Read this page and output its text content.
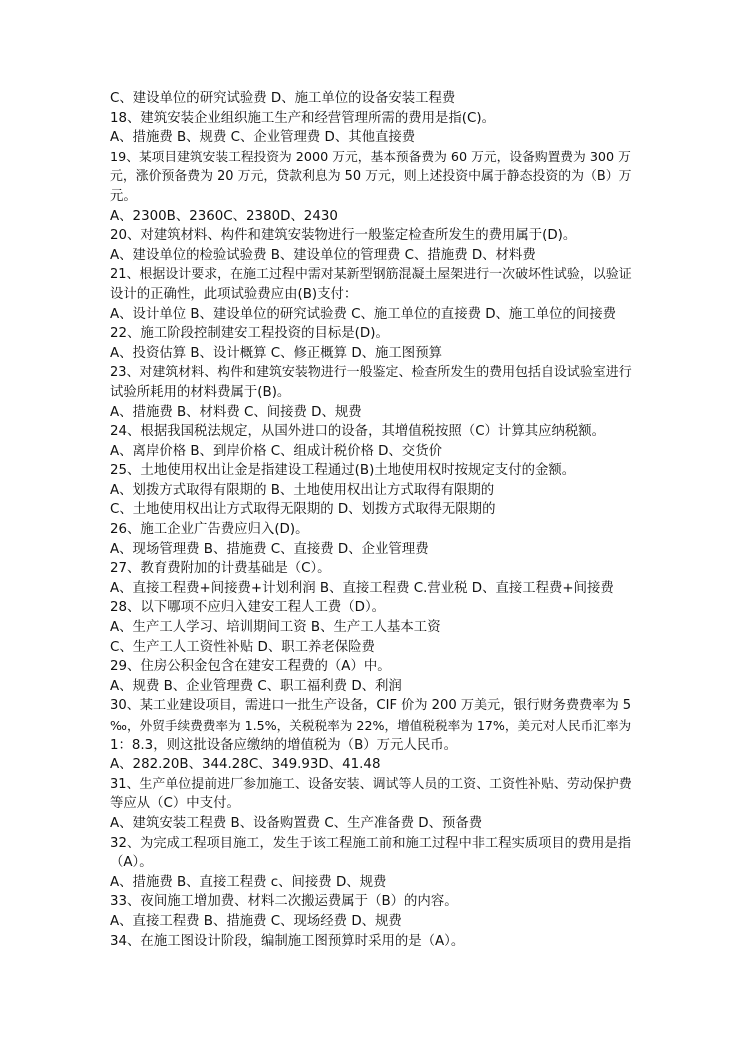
C、建设单位的研究试验费 D、施工单位的设备安装工程费
18、建筑安装企业组织施工生产和经营管理所需的费用是指(C)。
A、措施费 B、规费 C、企业管理费 D、其他直接费
19、某项目建筑安装工程投资为 2000 万元，基本预备费为 60 万元，设备购置费为 300 万
元，涨价预备费为 20 万元，贷款利息为 50 万元，则上述投资中属于静态投资的为（B）万
元。
A、2300B、2360C、2380D、2430
20、对建筑材料、构件和建筑安装物进行一般鉴定检查所发生的费用属于(D)。
A、建设单位的检验试验费 B、建设单位的管理费 C、措施费 D、材料费
21、根据设计要求，在施工过程中需对某新型钢筋混凝土屋架进行一次破坏性试验，以验证
设计的正确性，此项试验费应由(B)支付：
A、设计单位 B、建设单位的研究试验费 C、施工单位的直接费 D、施工单位的间接费
22、施工阶段控制建安工程投资的目标是(D)。
A、投资估算 B、设计概算 C、修正概算 D、施工图预算
23、对建筑材料、构件和建筑安装物进行一般鉴定、检查所发生的费用包括自设试验室进行
试验所耗用的材料费属于(B)。
A、措施费 B、材料费 C、间接费 D、规费
24、根据我国税法规定，从国外进口的设备，其增值税按照（C）计算其应纳税额。
A、离岸价格 B、到岸价格 C、组成计税价格 D、交货价
25、土地使用权出让金是指建设工程通过(B)土地使用权时按规定支付的金额。
A、划拨方式取得有限期的 B、土地使用权出让方式取得有限期的
C、土地使用权出让方式取得无限期的 D、划拨方式取得无限期的
26、施工企业广告费应归入(D)。
A、现场管理费 B、措施费 C、直接费 D、企业管理费
27、教育费附加的计费基础是（C）。
A、直接工程费+间接费+计划利润 B、直接工程费 C.营业税 D、直接工程费+间接费
28、以下哪项不应归入建安工程人工费（D）。
A、生产工人学习、培训期间工资 B、生产工人基本工资
C、生产工人工资性补贴 D、职工养老保险费
29、住房公积金包含在建安工程费的（A）中。
A、规费 B、企业管理费 C、职工福利费 D、利润
30、某工业建设项目，需进口一批生产设备，CIF 价为 200 万美元，银行财务费费率为 5
‰，外贸手续费费率为 1.5%，关税税率为 22%，增值税税率为 17%，美元对人民币汇率为
1：8.3，则这批设备应缴纳的增值税为（B）万元人民币。
A、282.20B、344.28C、349.93D、41.48
31、生产单位提前进厂参加施工、设备安装、调试等人员的工资、工资性补贴、劳动保护费
等应从（C）中支付。
A、建筑安装工程费 B、设备购置费 C、生产准备费 D、预备费
32、为完成工程项目施工，发生于该工程施工前和施工过程中非工程实质项目的费用是指
（A）。
A、措施费 B、直接工程费 c、间接费 D、规费
33、夜间施工增加费、材料二次搬运费属于（B）的内容。
A、直接工程费 B、措施费 C、现场经费 D、规费
34、在施工图设计阶段，编制施工图预算时采用的是（A）。
